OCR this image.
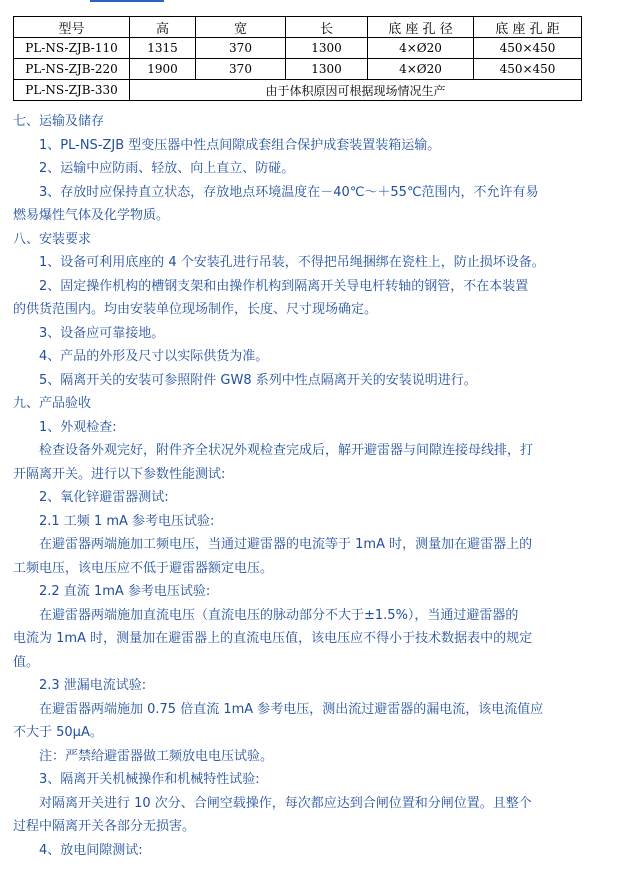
型号	高	宽	长	底 座 孔 径	底 座 孔 距
PL-NS-ZJB-110	1315	370	1300	4×Ø20	450×450
PL-NS-ZJB-220	1900	370	1300	4×Ø20	450×450
PL-NS-ZJB-330	由于体积原因可根据现场情况生产				
七、运输及储存
1、PL-NS-ZJB 型变压器中性点间隙成套组合保护成套装置装箱运输。
2、运输中应防雨、轻放、向上直立、防碰。
3、存放时应保持直立状态，存放地点环境温度在－40℃～＋55℃范围内，不允许有易
燃易爆性气体及化学物质。
八、安装要求
1、设备可利用底座的 4 个安装孔进行吊装，不得把吊绳捆绑在瓷柱上，防止损坏设备。
2、固定操作机构的槽钢支架和由操作机构到隔离开关导电杆转轴的钢管，不在本装置
的供货范围内。均由安装单位现场制作，长度、尺寸现场确定。
3、设备应可靠接地。
4、产品的外形及尺寸以实际供货为准。
5、隔离开关的安装可参照附件 GW8 系列中性点隔离开关的安装说明进行。
九、产品验收
1、外观检查:
检查设备外观完好，附件齐全状况外观检查完成后，解开避雷器与间隙连接母线排，打
开隔离开关。进行以下参数性能测试:
2、氧化锌避雷器测试:
2.1 工频 1 mA 参考电压试验:
在避雷器两端施加工频电压，当通过避雷器的电流等于 1mA 时，测量加在避雷器上的
工频电压，该电压应不低于避雷器额定电压。
2.2 直流 1mA 参考电压试验:
在避雷器两端施加直流电压（直流电压的脉动部分不大于±1.5%），当通过避雷器的
电流为 1mA 时，测量加在避雷器上的直流电压值，该电压应不得小于技术数据表中的规定
值。
2.3 泄漏电流试验:
在避雷器两端施加 0.75 倍直流 1mA 参考电压，测出流过避雷器的漏电流，该电流值应
不大于 50μA。
注：严禁给避雷器做工频放电电压试验。
3、隔离开关机械操作和机械特性试验:
对隔离开关进行 10 次分、合闸空载操作，每次都应达到合闸位置和分闸位置。且整个
过程中隔离开关各部分无损害。
4、放电间隙测试:
